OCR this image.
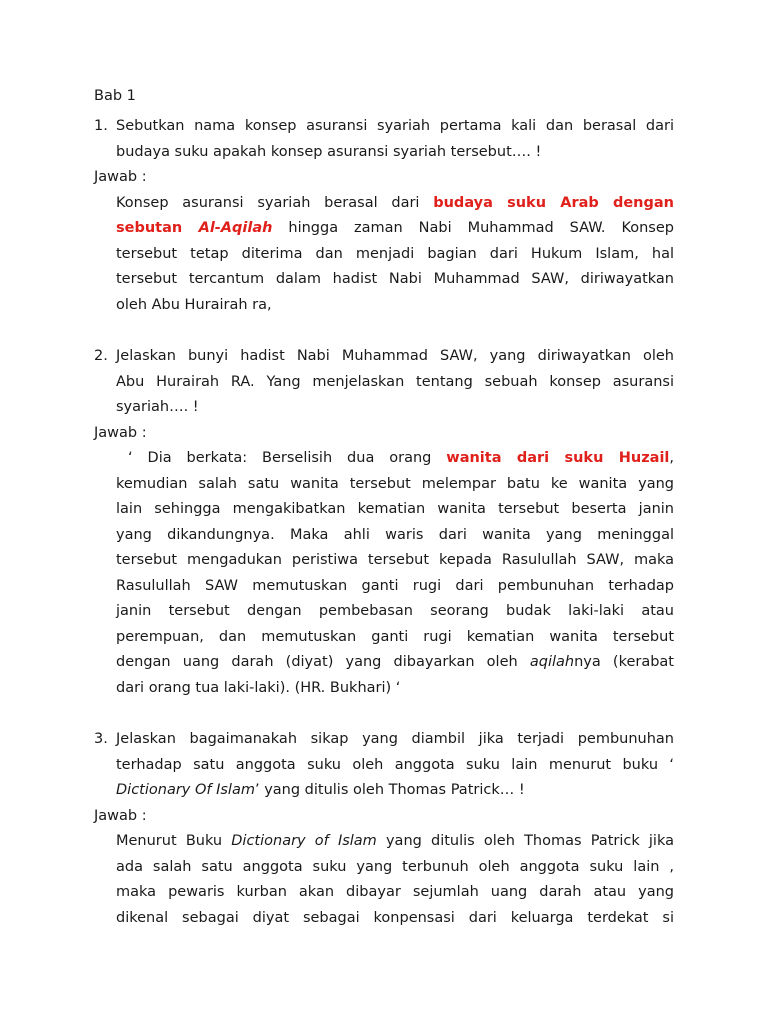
Bab 1
1. Sebutkan nama konsep asuransi syariah pertama kali dan berasal dari
budaya suku apakah konsep asuransi syariah tersebut…. !
Jawab :
Konsep asuransi syariah berasal dari budaya suku Arab dengan
sebutan Al-Aqilah hingga zaman Nabi Muhammad SAW. Konsep
tersebut tetap diterima dan menjadi bagian dari Hukum Islam, hal
tersebut tercantum dalam hadist Nabi Muhammad SAW, diriwayatkan
oleh Abu Hurairah ra,
2. Jelaskan bunyi hadist Nabi Muhammad SAW, yang diriwayatkan oleh
Abu Hurairah RA. Yang menjelaskan tentang sebuah konsep asuransi
syariah…. !
Jawab :
‘ Dia berkata: Berselisih dua orang wanita dari suku Huzail,
kemudian salah satu wanita tersebut melempar batu ke wanita yang
lain sehingga mengakibatkan kematian wanita tersebut beserta janin
yang dikandungnya. Maka ahli waris dari wanita yang meninggal
tersebut mengadukan peristiwa tersebut kepada Rasulullah SAW, maka
Rasulullah SAW memutuskan ganti rugi dari pembunuhan terhadap
janin tersebut dengan pembebasan seorang budak laki-laki atau
perempuan, dan memutuskan ganti rugi kematian wanita tersebut
dengan uang darah (diyat) yang dibayarkan oleh aqilahnya (kerabat
dari orang tua laki-laki). (HR. Bukhari) ‘
3. Jelaskan bagaimanakah sikap yang diambil jika terjadi pembunuhan
terhadap satu anggota suku oleh anggota suku lain menurut buku ‘
Dictionary Of Islam’ yang ditulis oleh Thomas Patrick… !
Jawab :
Menurut Buku Dictionary of Islam yang ditulis oleh Thomas Patrick jika
ada salah satu anggota suku yang terbunuh oleh anggota suku lain ,
maka pewaris kurban akan dibayar sejumlah uang darah atau yang
dikenal sebagai diyat sebagai konpensasi dari keluarga terdekat si
